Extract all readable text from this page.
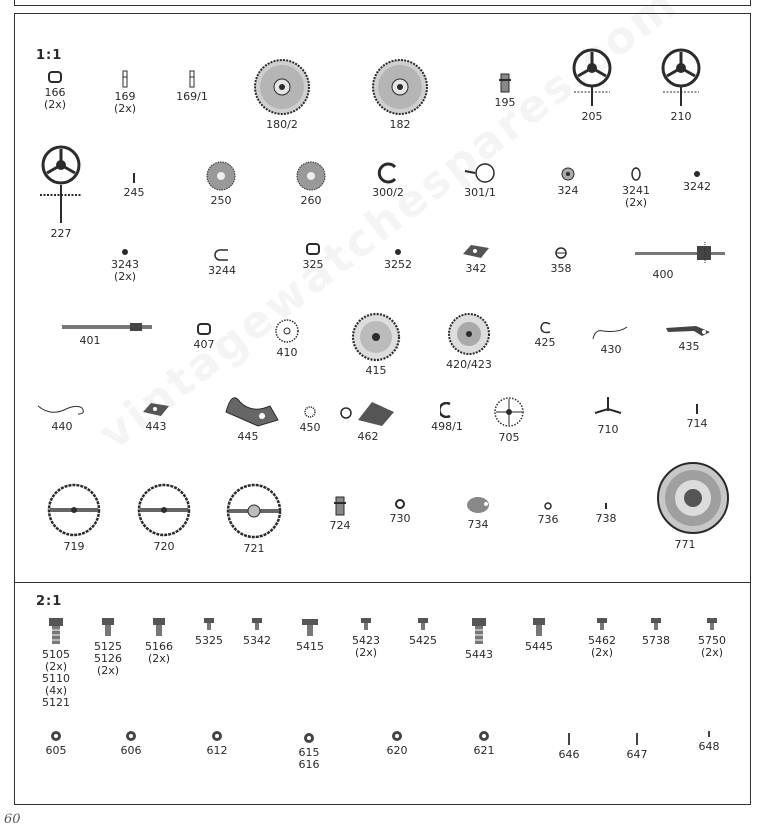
1:1
2:1
166
(2x)
169
(2x)
169/1
180/2	182
195
205	210
227
245
250	260
300/2	301/1	324	3241
(2x)
3242
3243
(2x)	3244	325	3252	342	358	400
401	407
410
415	420/423
425
430	435
440	443
445
450
462
498/1
705
710	714
719	720	721
724
730	734	736	738
771
5105
(2x)
5110
(4x)
5121
5125
5126
(2x)
5166
(2x)
5325	5342	5415	5423
(2x)
5425
5443
5445	5462
(2x)
5738	5750
(2x)
605	606	612	615
616
620	621	646	647
648
60
